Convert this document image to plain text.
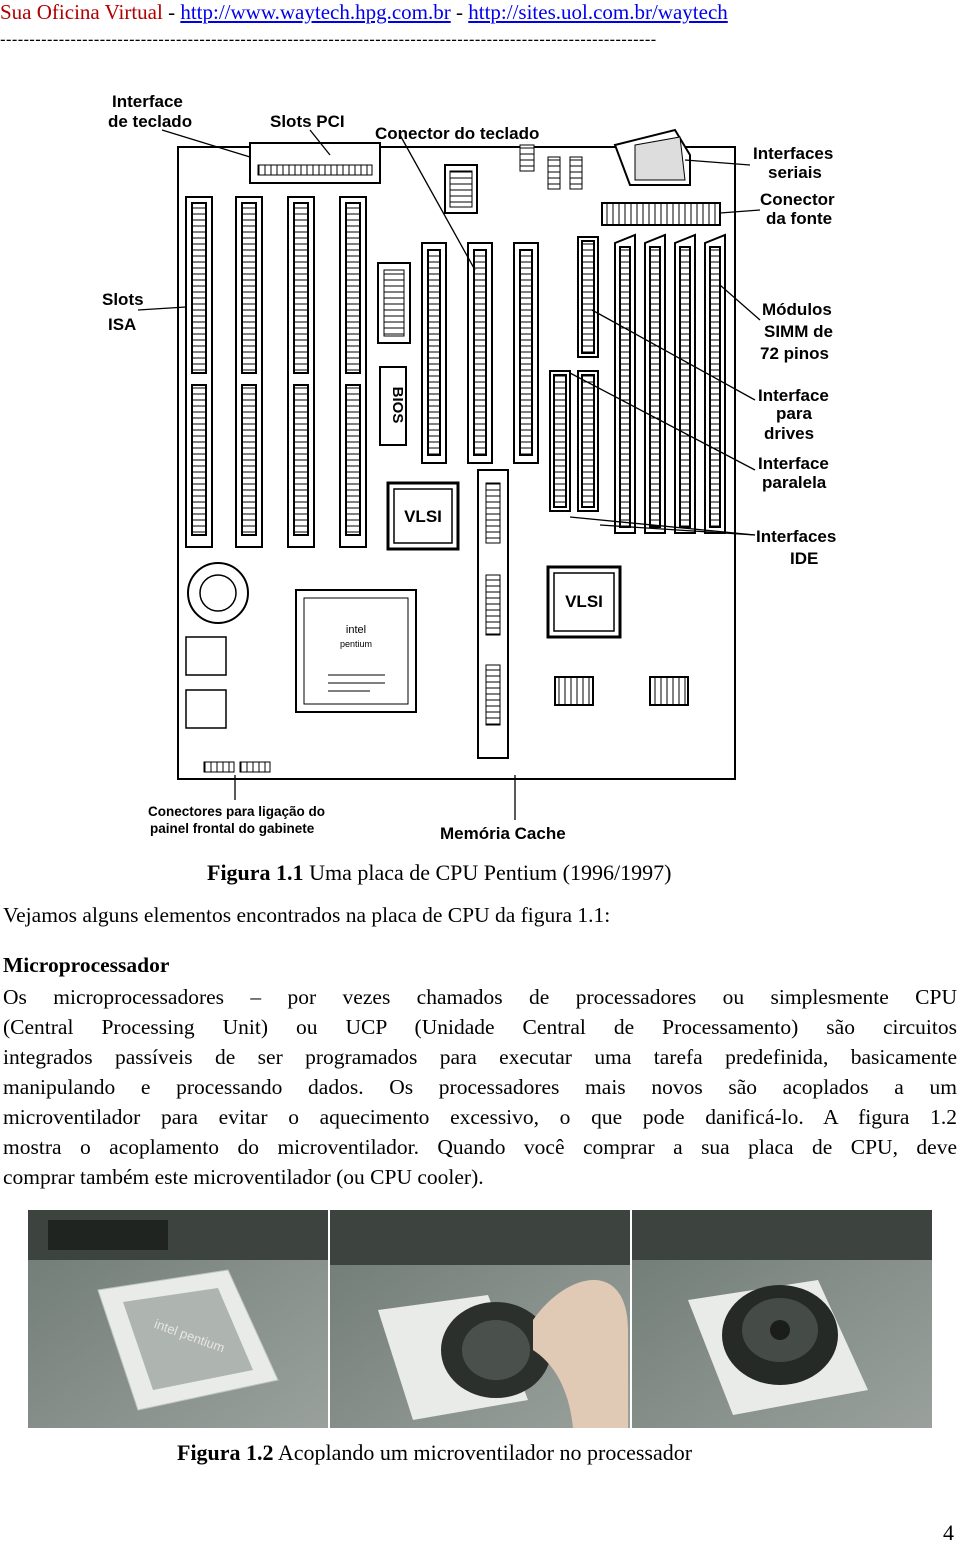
Sua Oficina Virtual - http://www.waytech.hpg.com.br - http://sites.uol.com.br/waytech
----------------------------------------------------------------------------------------------------------------
BIOS
VLSI
VLSI
intel
pentium
Interface de teclado	Slots PCI
Conector do teclado
Interfaces seriais
Conector da fonte
Slots ISA
Módulos SIMM de 72 pinos
Interface para drives
Interface paralela
Interfaces IDE
Memória Cache
Conectores para ligação do painel frontal do gabinete
Figura 1.1 Uma placa de CPU Pentium (1996/1997)
Vejamos alguns elementos encontrados na placa de CPU da figura 1.1:
Microprocessador
Os microprocessadores – por vezes chamados de processadores ou simplesmente CPU
(Central Processing Unit) ou UCP (Unidade Central de Processamento) são circuitos
integrados passíveis de ser programados para executar uma tarefa predefinida, basicamente
manipulando e processando dados. Os processadores mais novos são acoplados a um
microventilador para evitar o aquecimento excessivo, o que pode danificá-lo. A figura 1.2
mostra o acoplamento do microventilador. Quando você comprar a sua placa de CPU, deve
comprar também este microventilador (ou CPU cooler).
intel pentium
Figura 1.2 Acoplando um microventilador no processador
4
